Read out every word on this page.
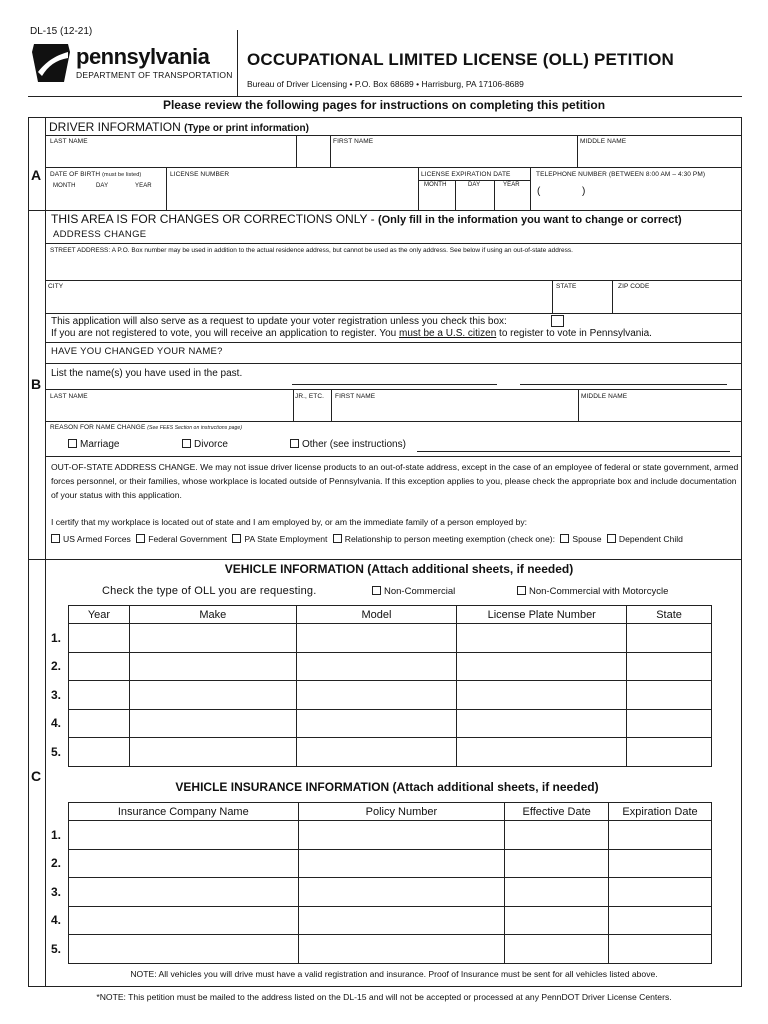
DL-15 (12-21)
pennsylvania
DEPARTMENT OF TRANSPORTATION
OCCUPATIONAL LIMITED LICENSE (OLL) PETITION
Bureau of Driver Licensing • P.O. Box 68689 • Harrisburg, PA 17106-8689
Please review the following pages for instructions on completing this petition
A
DRIVER INFORMATION (Type or print information)
LAST NAME	FIRST NAME	MIDDLE NAME
DATE OF BIRTH (must be listed)
MONTH	DAY	YEAR
LICENSE NUMBER	LICENSE EXPIRATION DATE
MONTH	DAY	YEAR
TELEPHONE NUMBER (BETWEEN 8:00 AM – 4:30 PM)
(	)
B
THIS AREA IS FOR CHANGES OR CORRECTIONS ONLY - (Only fill in the information you want to change or correct)
ADDRESS CHANGE
STREET ADDRESS: A P.O. Box number may be used in addition to the actual residence address, but cannot be used as the only address. See below if using an out-of-state address.
CITY	STATE	ZIP CODE
This application will also serve as a request to update your voter registration unless you check this box:
If you are not registered to vote, you will receive an application to register. You must be a U.S. citizen to register to vote in Pennsylvania.
HAVE YOU CHANGED YOUR NAME?
List the name(s) you have used in the past.
LAST NAME	JR., ETC. FIRST NAME	MIDDLE NAME
REASON FOR NAME CHANGE (See FEES Section on instructions page)
Marriage	Divorce	Other (see instructions)
OUT-OF-STATE ADDRESS CHANGE. We may not issue driver license products to an out-of-state address, except in the case of an employee of federal or state government, armed forces personnel, or their families, whose workplace is located outside of Pennsylvania. If this exception applies to you, please check the appropriate box and include documentation of your status with this application.
I certify that my workplace is located out of state and I am employed by, or am the immediate family of a person employed by:
US Armed Forces Federal Government PA State Employment Relationship to person meeting exemption (check one): Spouse Dependent Child
C
VEHICLE INFORMATION (Attach additional sheets, if needed)
Check the type of OLL you are requesting.	Non-Commercial	Non-Commercial with Motorcycle
Year	Make	Model	License Plate Number	State

1.
2.
3.
4.
5.
VEHICLE INSURANCE INFORMATION (Attach additional sheets, if needed)
Insurance Company Name	Policy Number	Effective Date	Expiration Date

1.
2.
3.
4.
5.
NOTE: All vehicles you will drive must have a valid registration and insurance. Proof of Insurance must be sent for all vehicles listed above.
*NOTE: This petition must be mailed to the address listed on the DL-15 and will not be accepted or processed at any PennDOT Driver License Centers.
